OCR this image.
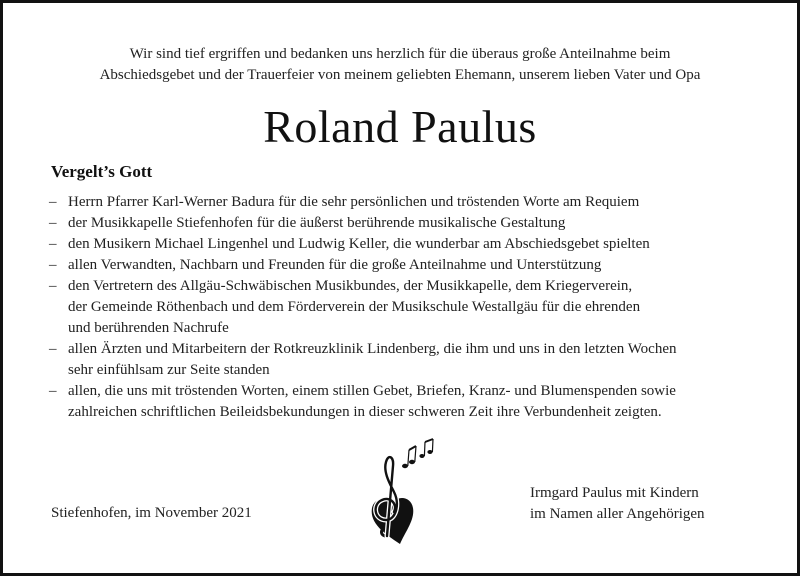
Wir sind tief ergriffen und bedanken uns herzlich für die überaus große Anteilnahme beim
Abschiedsgebet und der Trauerfeier von meinem geliebten Ehemann, unserem lieben Vater und Opa
Roland Paulus
Vergelt’s Gott
– Herrn Pfarrer Karl-Werner Badura für die sehr persönlichen und tröstenden Worte am Requiem
– der Musikkapelle Stiefenhofen für die äußerst berührende musikalische Gestaltung
– den Musikern Michael Lingenhel und Ludwig Keller, die wunderbar am Abschiedsgebet spielten
– allen Verwandten, Nachbarn und Freunden für die große Anteilnahme und Unterstützung
– den Vertretern des Allgäu-Schwäbischen Musikbundes, der Musikkapelle, dem Kriegerverein,
der Gemeinde Röthenbach und dem Förderverein der Musikschule Westallgäu für die ehrenden
und berührenden Nachrufe
– allen Ärzten und Mitarbeitern der Rotkreuzklinik Lindenberg, die ihm und uns in den letzten Wochen
sehr einfühlsam zur Seite standen
– allen, die uns mit tröstenden Worten, einem stillen Gebet, Briefen, Kranz- und Blumenspenden sowie
zahlreichen schriftlichen Beileidsbekundungen in dieser schweren Zeit ihre Verbundenheit zeigten.
Stiefenhofen, im November 2021
Irmgard Paulus mit Kindern
im Namen aller Angehörigen
